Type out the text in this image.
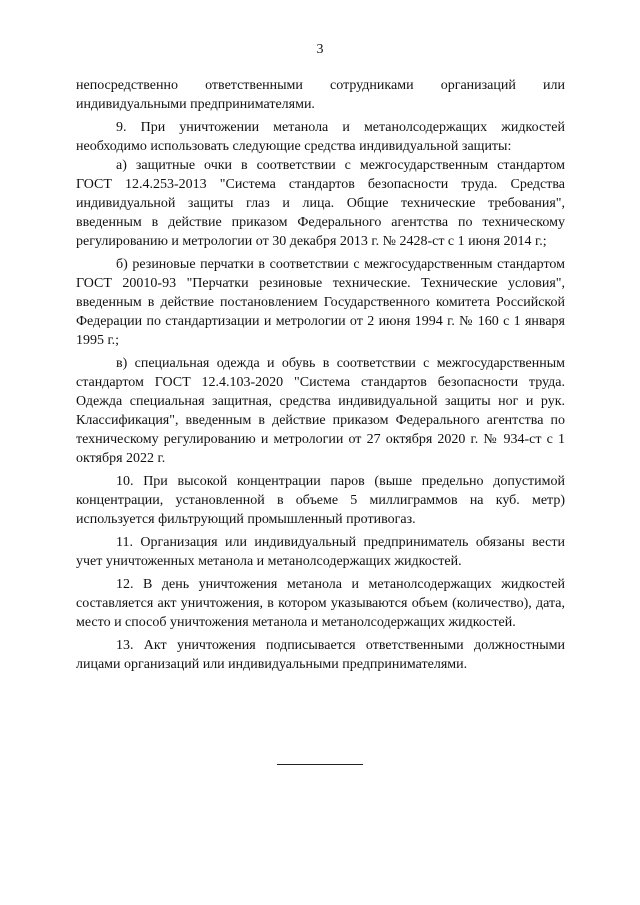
3

непосредственно ответственными сотрудниками организаций или индивидуальными предпринимателями.

9. При уничтожении метанола и метанолсодержащих жидкостей необходимо использовать следующие средства индивидуальной защиты:

а) защитные очки в соответствии с межгосударственным стандартом ГОСТ 12.4.253-2013 "Система стандартов безопасности труда. Средства индивидуальной защиты глаз и лица. Общие технические требования", введенным в действие приказом Федерального агентства по техническому регулированию и метрологии от 30 декабря 2013 г. № 2428-ст с 1 июня 2014 г.;

б) резиновые перчатки в соответствии с межгосударственным стандартом ГОСТ 20010-93 "Перчатки резиновые технические. Технические условия", введенным в действие постановлением Государственного комитета Российской Федерации по стандартизации и метрологии от 2 июня 1994 г. № 160 с 1 января 1995 г.;

в) специальная одежда и обувь в соответствии с межгосударственным стандартом ГОСТ 12.4.103-2020 "Система стандартов безопасности труда. Одежда специальная защитная, средства индивидуальной защиты ног и рук. Классификация", введенным в действие приказом Федерального агентства по техническому регулированию и метрологии от 27 октября 2020 г. № 934-ст с 1 октября 2022 г.

10. При высокой концентрации паров (выше предельно допустимой концентрации, установленной в объеме 5 миллиграммов на куб. метр) используется фильтрующий промышленный противогаз.

11. Организация или индивидуальный предприниматель обязаны вести учет уничтоженных метанола и метанолсодержащих жидкостей.

12. В день уничтожения метанола и метанолсодержащих жидкостей составляется акт уничтожения, в котором указываются объем (количество), дата, место и способ уничтожения метанола и метанолсодержащих жидкостей.

13. Акт уничтожения подписывается ответственными должностными лицами организаций или индивидуальными предпринимателями.
